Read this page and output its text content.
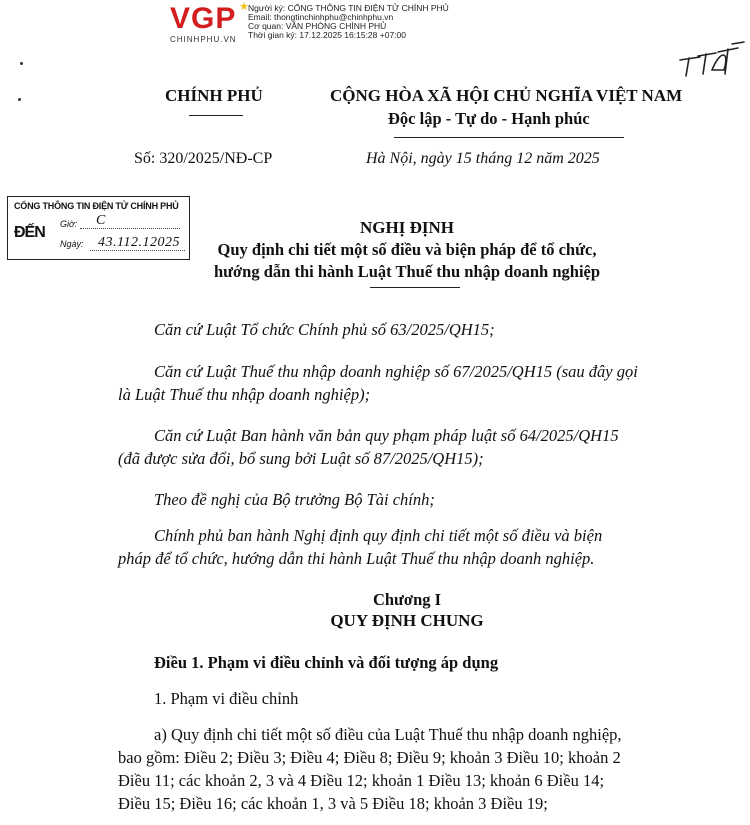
VGP ★
CHINHPHU.VN
Người ký: CỔNG THÔNG TIN ĐIỆN TỬ CHÍNH PHỦ
Email: thongtinchinhphu@chinhphu.vn
Cơ quan: VĂN PHÒNG CHÍNH PHỦ
Thời gian ký: 17.12.2025 16:15:28 +07:00
CHÍNH PHỦ	CỘNG HÒA XÃ HỘI CHỦ NGHĨA VIỆT NAM
Độc lập - Tự do - Hạnh phúc
Số: 320/2025/NĐ-CP	Hà Nội, ngày 15 tháng 12 năm 2025
CỔNG THÔNG TIN ĐIỆN TỬ CHÍNH PHỦ
ĐẾN Giờ: C
Ngày: 43.112.12025
NGHỊ ĐỊNH
Quy định chi tiết một số điều và biện pháp để tổ chức,
hướng dẫn thi hành Luật Thuế thu nhập doanh nghiệp
Căn cứ Luật Tổ chức Chính phủ số 63/2025/QH15;
Căn cứ Luật Thuế thu nhập doanh nghiệp số 67/2025/QH15 (sau đây gọi
là Luật Thuế thu nhập doanh nghiệp);
Căn cứ Luật Ban hành văn bản quy phạm pháp luật số 64/2025/QH15
(đã được sửa đổi, bổ sung bởi Luật số 87/2025/QH15);
Theo đề nghị của Bộ trưởng Bộ Tài chính;
Chính phủ ban hành Nghị định quy định chi tiết một số điều và biện
pháp để tổ chức, hướng dẫn thi hành Luật Thuế thu nhập doanh nghiệp.
Chương I
QUY ĐỊNH CHUNG
Điều 1. Phạm vi điều chỉnh và đối tượng áp dụng
1. Phạm vi điều chỉnh
a) Quy định chi tiết một số điều của Luật Thuế thu nhập doanh nghiệp,
bao gồm: Điều 2; Điều 3; Điều 4; Điều 8; Điều 9; khoản 3 Điều 10; khoản 2
Điều 11; các khoản 2, 3 và 4 Điều 12; khoản 1 Điều 13; khoản 6 Điều 14;
Điều 15; Điều 16; các khoản 1, 3 và 5 Điều 18; khoản 3 Điều 19;
